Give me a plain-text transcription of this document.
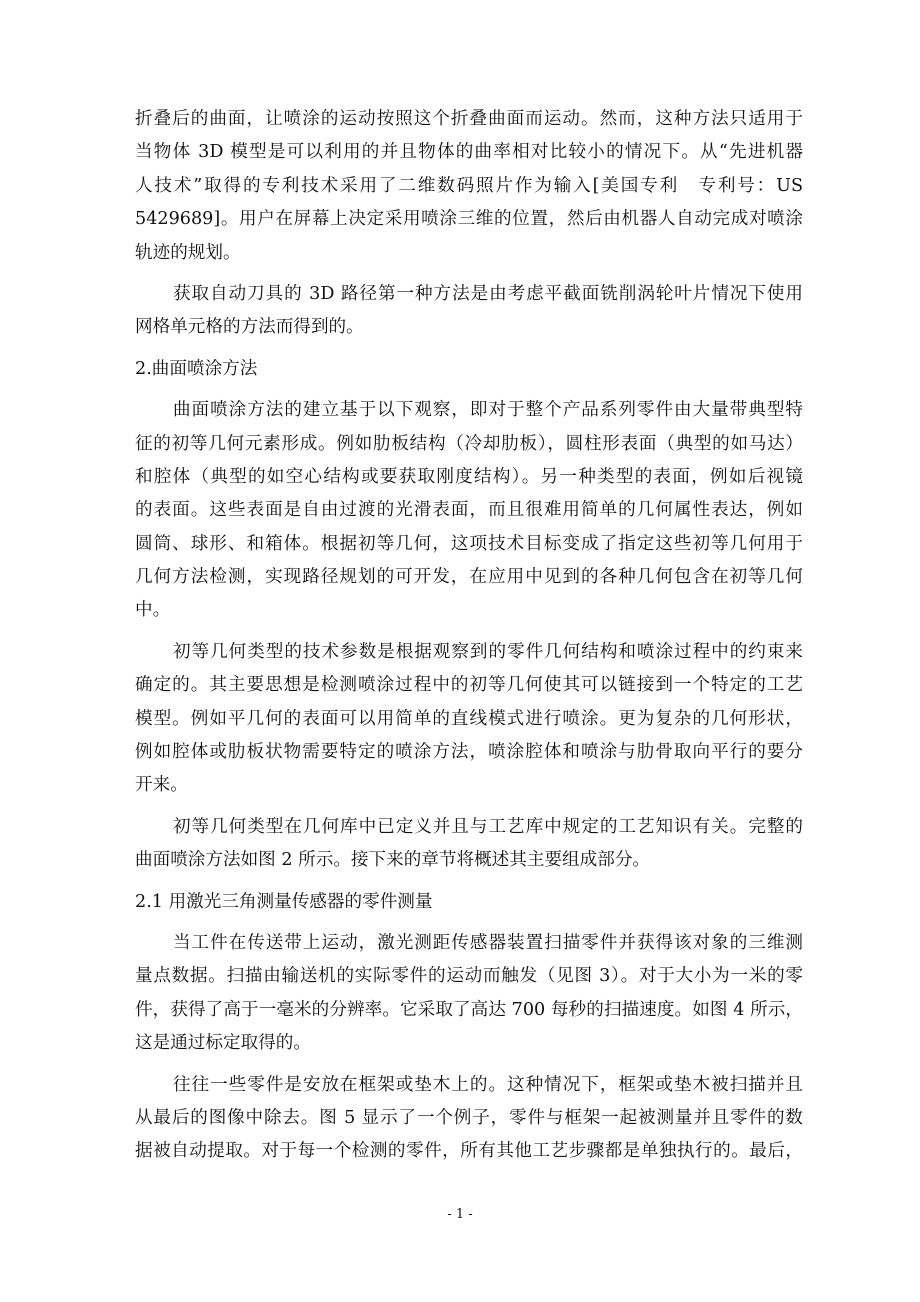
折叠后的曲面，让喷涂的运动按照这个折叠曲面而运动。然而，这种方法只适用于
当物体 3D 模型是可以利用的并且物体的曲率相对比较小的情况下。从“先进机器
人技术”取得的专利技术采用了二维数码照片作为输入[美国专利　专利号：US
5429689]。用户在屏幕上决定采用喷涂三维的位置，然后由机器人自动完成对喷涂
轨迹的规划。
获取自动刀具的 3D 路径第一种方法是由考虑平截面铣削涡轮叶片情况下使用
网格单元格的方法而得到的。
2.曲面喷涂方法
曲面喷涂方法的建立基于以下观察，即对于整个产品系列零件由大量带典型特
征的初等几何元素形成。例如肋板结构（冷却肋板），圆柱形表面（典型的如马达）
和腔体（典型的如空心结构或要获取刚度结构）。另一种类型的表面，例如后视镜
的表面。这些表面是自由过渡的光滑表面，而且很难用简单的几何属性表达，例如
圆筒、球形、和箱体。根据初等几何，这项技术目标变成了指定这些初等几何用于
几何方法检测，实现路径规划的可开发，在应用中见到的各种几何包含在初等几何
中。
初等几何类型的技术参数是根据观察到的零件几何结构和喷涂过程中的约束来
确定的。其主要思想是检测喷涂过程中的初等几何使其可以链接到一个特定的工艺
模型。例如平几何的表面可以用简单的直线模式进行喷涂。更为复杂的几何形状，
例如腔体或肋板状物需要特定的喷涂方法，喷涂腔体和喷涂与肋骨取向平行的要分
开来。
初等几何类型在几何库中已定义并且与工艺库中规定的工艺知识有关。完整的
曲面喷涂方法如图 2 所示。接下来的章节将概述其主要组成部分。
2.1 用激光三角测量传感器的零件测量
当工件在传送带上运动，激光测距传感器装置扫描零件并获得该对象的三维测
量点数据。扫描由输送机的实际零件的运动而触发（见图 3）。对于大小为一米的零
件，获得了高于一毫米的分辨率。它采取了高达 700 每秒的扫描速度。如图 4 所示，
这是通过标定取得的。
往往一些零件是安放在框架或垫木上的。这种情况下，框架或垫木被扫描并且
从最后的图像中除去。图 5 显示了一个例子，零件与框架一起被测量并且零件的数
据被自动提取。对于每一个检测的零件，所有其他工艺步骤都是单独执行的。最后，
- 1 -
